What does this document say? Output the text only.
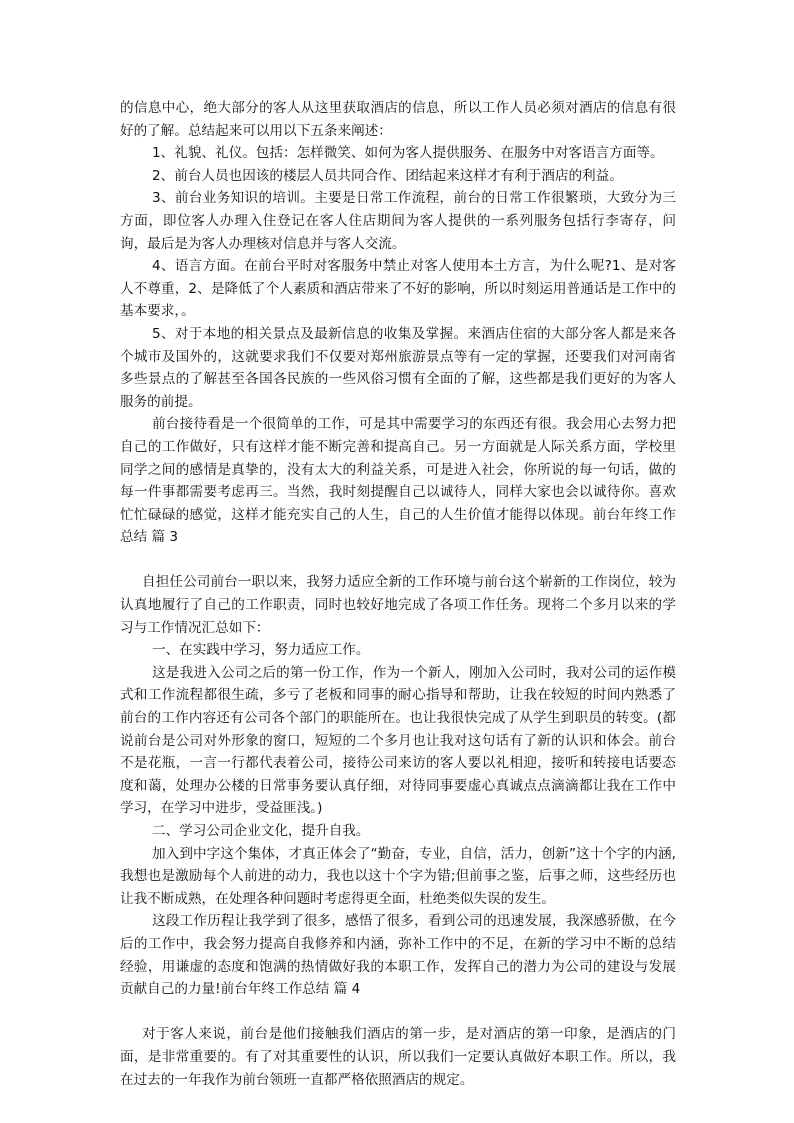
的信息中心，绝大部分的客人从这里获取酒店的信息，所以工作人员必须对酒店的信息有很好的了解。总结起来可以用以下五条来阐述：

1、礼貌、礼仪。包括：怎样微笑、如何为客人提供服务、在服务中对客语言方面等。

2、前台人员也因该的楼层人员共同合作、团结起来这样才有利于酒店的利益。

3、前台业务知识的培训。主要是日常工作流程，前台的日常工作很繁琐，大致分为三方面，即位客人办理入住登记在客人住店期间为客人提供的一系列服务包括行李寄存，问询，最后是为客人办理核对信息并与客人交流。

4、语言方面。在前台平时对客服务中禁止对客人使用本土方言，为什么呢?1、是对客人不尊重，2、是降低了个人素质和酒店带来了不好的影响，所以时刻运用普通话是工作中的基本要求，。

5、对于本地的相关景点及最新信息的收集及掌握。来酒店住宿的大部分客人都是来各个城市及国外的，这就要求我们不仅要对郑州旅游景点等有一定的掌握，还要我们对河南省多些景点的了解甚至各国各民族的一些风俗习惯有全面的了解，这些都是我们更好的为客人服务的前提。

前台接待看是一个很简单的工作，可是其中需要学习的东西还有很。我会用心去努力把自己的工作做好，只有这样才能不断完善和提高自己。另一方面就是人际关系方面，学校里同学之间的感情是真挚的，没有太大的利益关系，可是进入社会，你所说的每一句话，做的每一件事都需要考虑再三。当然，我时刻提醒自己以诚待人，同样大家也会以诚待你。喜欢忙忙碌碌的感觉，这样才能充实自己的人生，自己的人生价值才能得以体现。前台年终工作总结 篇 3

自担任公司前台一职以来，我努力适应全新的工作环境与前台这个崭新的工作岗位，较为认真地履行了自己的工作职责，同时也较好地完成了各项工作任务。现将二个多月以来的学习与工作情况汇总如下：

一、在实践中学习，努力适应工作。

这是我进入公司之后的第一份工作，作为一个新人，刚加入公司时，我对公司的运作模式和工作流程都很生疏，多亏了老板和同事的耐心指导和帮助，让我在较短的时间内熟悉了前台的工作内容还有公司各个部门的职能所在。也让我很快完成了从学生到职员的转变。(都说前台是公司对外形象的窗口，短短的二个多月也让我对这句话有了新的认识和体会。前台不是花瓶，一言一行都代表着公司，接待公司来访的客人要以礼相迎，接听和转接电话要态度和蔼，处理办公楼的日常事务要认真仔细，对待同事要虚心真诚点点滴滴都让我在工作中学习，在学习中进步，受益匪浅。)

二、学习公司企业文化，提升自我。

加入到中字这个集体，才真正体会了“勤奋，专业，自信，活力，创新”这十个字的内涵,我想也是激励每个人前进的动力，我也以这十个字为错;但前事之鉴，后事之师，这些经历也让我不断成熟，在处理各种问题时考虑得更全面，杜绝类似失误的发生。

这段工作历程让我学到了很多，感悟了很多，看到公司的迅速发展，我深感骄傲，在今后的工作中，我会努力提高自我修养和内涵，弥补工作中的不足，在新的学习中不断的总结经验，用谦虚的态度和饱满的热情做好我的本职工作，发挥自己的潜力为公司的建设与发展贡献自己的力量!前台年终工作总结 篇 4

对于客人来说，前台是他们接触我们酒店的第一步，是对酒店的第一印象，是酒店的门面，是非常重要的。有了对其重要性的认识，所以我们一定要认真做好本职工作。所以，我在过去的一年我作为前台领班一直都严格依照酒店的规定。
